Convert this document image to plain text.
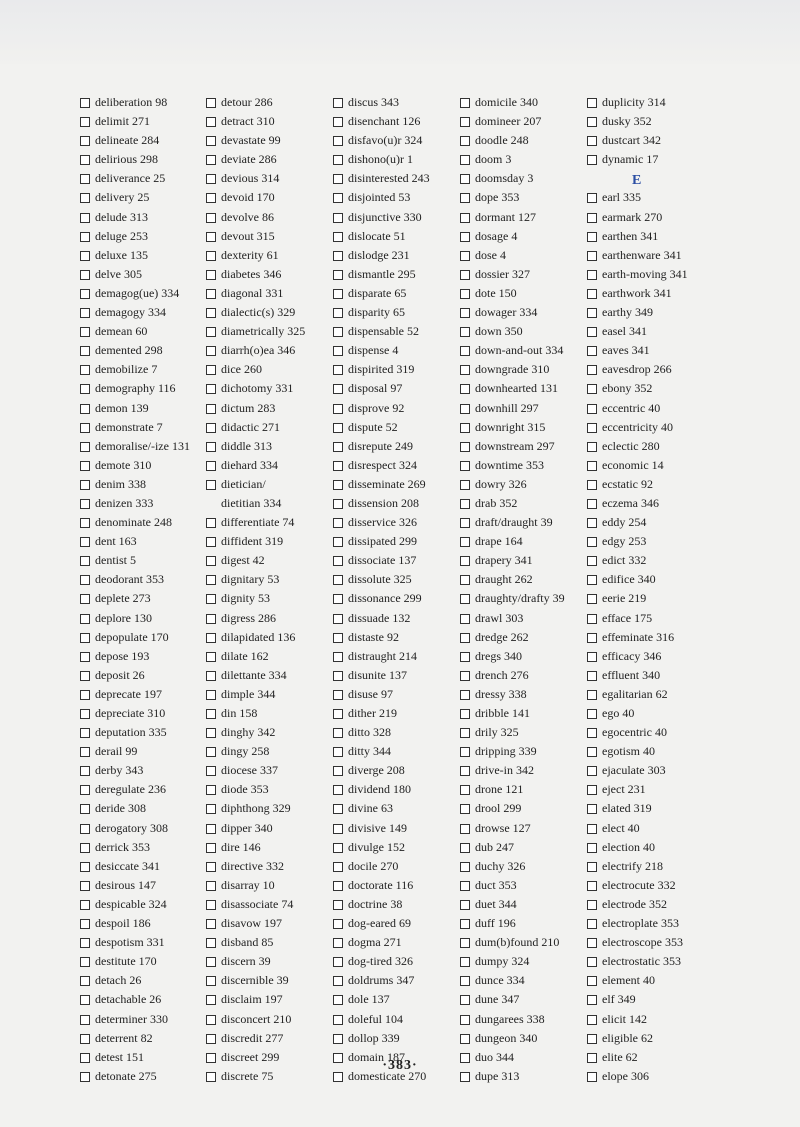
deliberation 98
delimit 271
delineate 284
delirious 298
deliverance 25
delivery 25
delude 313
deluge 253
deluxe 135
delve 305
demagog(ue) 334
demagogy 334
demean 60
demented 298
demobilize 7
demography 116
demon 139
demonstrate 7
demoralise/-ize 131
demote 310
denim 338
denizen 333
denominate 248
dent 163
dentist 5
deodorant 353
deplete 273
deplore 130
depopulate 170
depose 193
deposit 26
deprecate 197
depreciate 310
deputation 335
derail 99
derby 343
deregulate 236
deride 308
derogatory 308
derrick 353
desiccate 341
desirous 147
despicable 324
despoil 186
despotism 331
destitute 170
detach 26
detachable 26
determiner 330
deterrent 82
detest 151
detonate 275
detour 286
detract 310
devastate 99
deviate 286
devious 314
devoid 170
devolve 86
devout 315
dexterity 61
diabetes 346
diagonal 331
dialectic(s) 329
diametrically 325
diarrh(o)ea 346
dice 260
dichotomy 331
dictum 283
didactic 271
diddle 313
diehard 334
dietician/
dietitian 334
differentiate 74
diffident 319
digest 42
dignitary 53
dignity 53
digress 286
dilapidated 136
dilate 162
dilettante 334
dimple 344
din 158
dinghy 342
dingy 258
diocese 337
diode 353
diphthong 329
dipper 340
dire 146
directive 332
disarray 10
disassociate 74
disavow 197
disband 85
discern 39
discernible 39
disclaim 197
disconcert 210
discredit 277
discreet 299
discrete 75
discus 343
disenchant 126
disfavo(u)r 324
dishono(u)r 1
disinterested 243
disjointed 53
disjunctive 330
dislocate 51
dislodge 231
dismantle 295
disparate 65
disparity 65
dispensable 52
dispense 4
dispirited 319
disposal 97
disprove 92
dispute 52
disrepute 249
disrespect 324
disseminate 269
dissension 208
disservice 326
dissipated 299
dissociate 137
dissolute 325
dissonance 299
dissuade 132
distaste 92
distraught 214
disunite 137
disuse 97
dither 219
ditto 328
ditty 344
diverge 208
dividend 180
divine 63
divisive 149
divulge 152
docile 270
doctorate 116
doctrine 38
dog-eared 69
dogma 271
dog-tired 326
doldrums 347
dole 137
doleful 104
dollop 339
domain 187
domesticate 270
domicile 340
domineer 207
doodle 248
doom 3
doomsday 3
dope 353
dormant 127
dosage 4
dose 4
dossier 327
dote 150
dowager 334
down 350
down-and-out 334
downgrade 310
downhearted 131
downhill 297
downright 315
downstream 297
downtime 353
dowry 326
drab 352
draft/draught 39
drape 164
drapery 341
draught 262
draughty/drafty 39
drawl 303
dredge 262
dregs 340
drench 276
dressy 338
dribble 141
drily 325
dripping 339
drive-in 342
drone 121
drool 299
drowse 127
dub 247
duchy 326
duct 353
duet 344
duff 196
dum(b)found 210
dumpy 324
dunce 334
dune 347
dungarees 338
dungeon 340
duo 344
dupe 313
duplicity 314
dusky 352
dustcart 342
dynamic 17
E
earl 335
earmark 270
earthen 341
earthenware 341
earth-moving 341
earthwork 341
earthy 349
easel 341
eaves 341
eavesdrop 266
ebony 352
eccentric 40
eccentricity 40
eclectic 280
economic 14
ecstatic 92
eczema 346
eddy 254
edgy 253
edict 332
edifice 340
eerie 219
efface 175
effeminate 316
efficacy 346
effluent 340
egalitarian 62
ego 40
egocentric 40
egotism 40
ejaculate 303
eject 231
elated 319
elect 40
election 40
electrify 218
electrocute 332
electrode 352
electroplate 353
electroscope 353
electrostatic 353
element 40
elf 349
elicit 142
eligible 62
elite 62
elope 306
·383·
